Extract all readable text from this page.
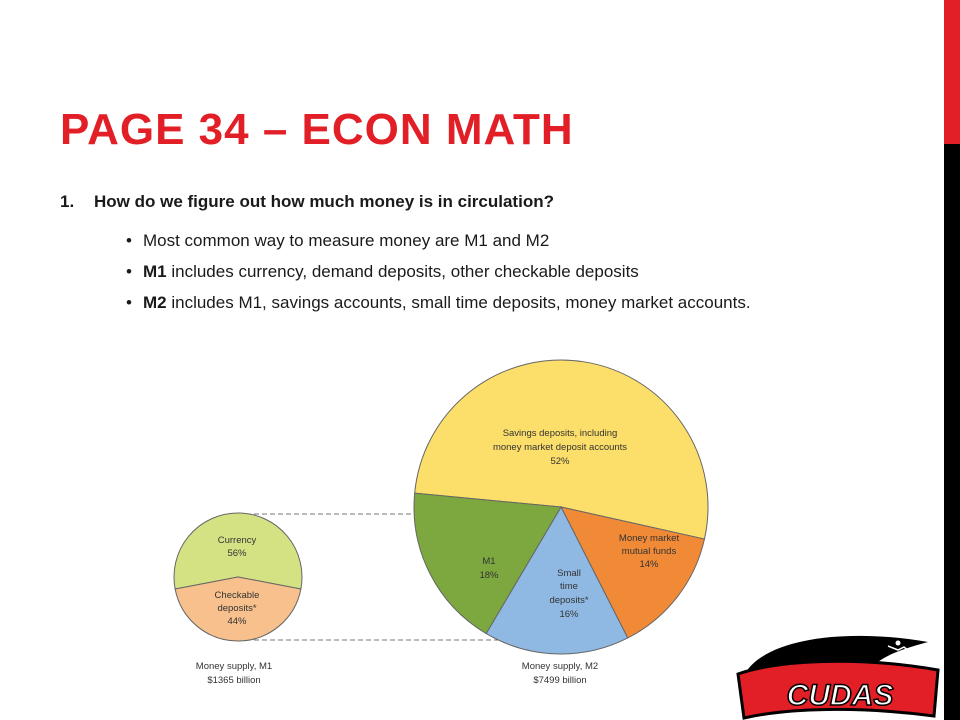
PAGE 34 – ECON MATH
1. How do we figure out how much money is in circulation?
• Most common way to measure money are M1 and M2
• M1 includes currency, demand deposits, other checkable deposits
• M2 includes M1, savings accounts, small time deposits, money market accounts.
Money supply, M1
$1365 billion
Money supply, M2
$7499 billion
Currency
56%
Checkable
deposits*
44%
Savings deposits, including
money market deposit accounts
52%
Money market
mutual funds
14%
Small
time
deposits*
16%
M1
18%
CUDAS
